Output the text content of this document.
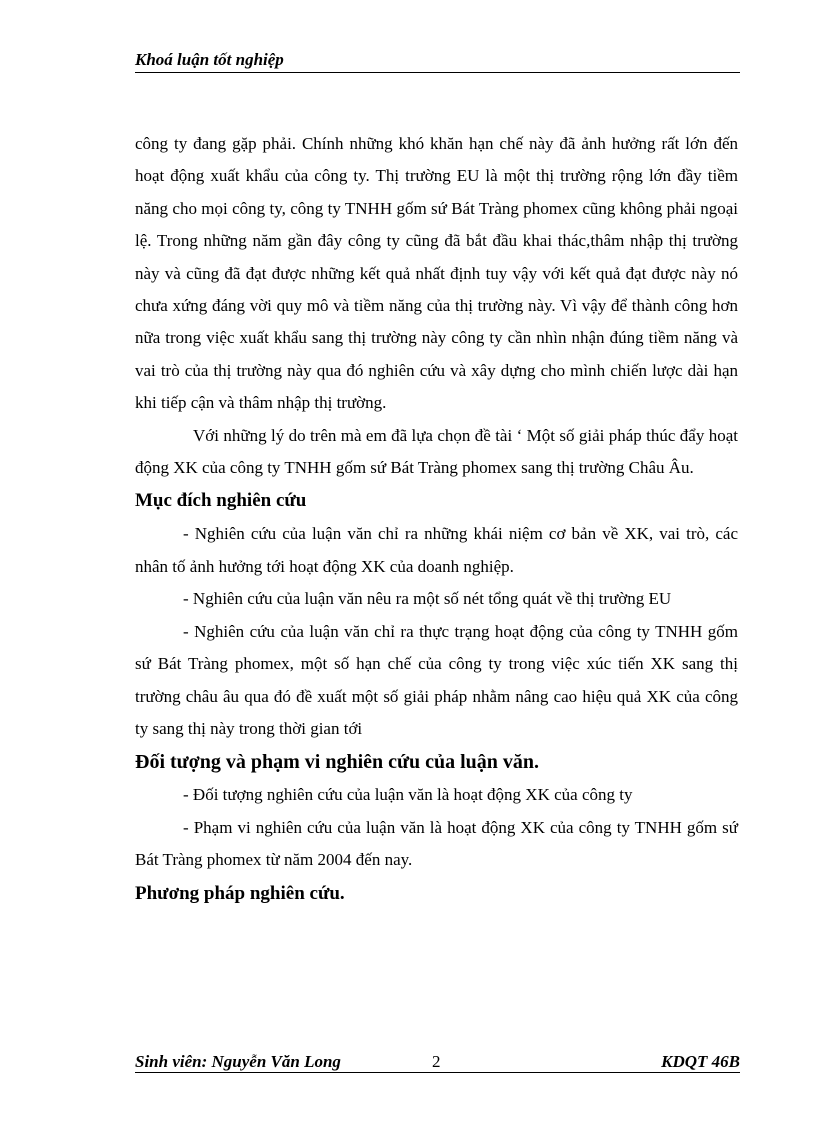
Khoá luận tốt nghiệp

công ty đang gặp phải. Chính những khó khăn hạn chế này đã ảnh hưởng rất lớn đến hoạt động xuất khẩu của công ty. Thị trường EU là một thị trường rộng lớn đầy tiềm năng cho mọi công ty, công ty TNHH gốm sứ Bát Tràng phomex cũng không phải ngoại lệ. Trong những năm gần đây công ty cũng đã bắt đầu khai thác,thâm nhập thị trường này và cũng đã đạt được những kết quả nhất định tuy vậy với kết quả đạt được này nó chưa xứng đáng vời quy mô và tiềm năng của thị trường này. Vì vậy để thành công hơn nữa trong việc xuất khẩu sang thị trường này công ty cần nhìn nhận đúng tiềm năng và vai trò của thị trường này qua đó nghiên cứu và xây dựng cho mình chiến lược dài hạn khi tiếp cận và thâm nhập thị trường.

Với những lý do trên mà em đã lựa chọn đề tài ‘ Một số giải pháp thúc đẩy hoạt động XK của công ty TNHH gốm sứ Bát Tràng phomex sang thị trường Châu Âu.

Mục đích nghiên cứu

- Nghiên cứu của luận văn chỉ ra những khái niệm cơ bản về XK, vai trò, các nhân tố ảnh hưởng tới hoạt động XK của doanh nghiệp.

- Nghiên cứu của luận văn nêu ra một số nét tổng quát về thị trường EU

- Nghiên cứu của luận văn chỉ ra thực trạng hoạt động của công ty TNHH gốm sứ Bát Tràng phomex, một số hạn chế của công ty trong việc xúc tiến XK sang thị trường châu âu qua đó đề xuất một số giải pháp nhằm nâng cao hiệu quả XK của công ty sang thị này trong thời gian tới

Đối tượng và phạm vi nghiên cứu của luận văn.

- Đối tượng nghiên cứu của luận văn là hoạt động XK của công ty

- Phạm vi nghiên cứu của luận văn là hoạt động XK của công ty TNHH gốm sứ Bát Tràng phomex từ năm 2004 đến nay.

Phương pháp nghiên cứu.
Sinh viên: Nguyễn Văn Long	2	KDQT 46B
